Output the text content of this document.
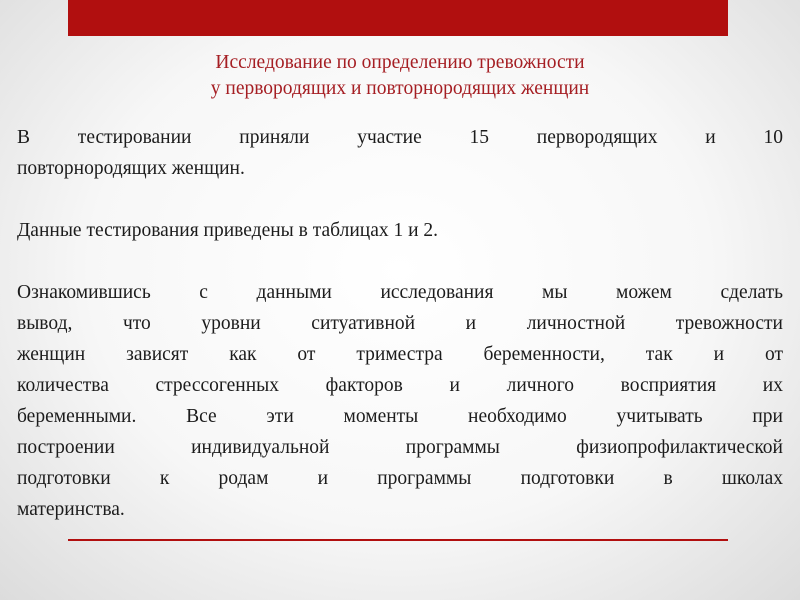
Исследование по определению тревожности
у первородящих и повторнородящих женщин

В тестировании приняли участие 15 первородящих и 10
повторнородящих женщин.

Данные тестирования приведены в таблицах 1 и 2.

Ознакомившись с данными исследования мы можем сделать
вывод, что уровни ситуативной и личностной тревожности
женщин зависят как от триместра беременности, так и от
количества стрессогенных факторов и личного восприятия их
беременными. Все эти моменты необходимо учитывать при
построении индивидуальной программы физиопрофилактической
подготовки к родам и программы подготовки в школах
материнства.
